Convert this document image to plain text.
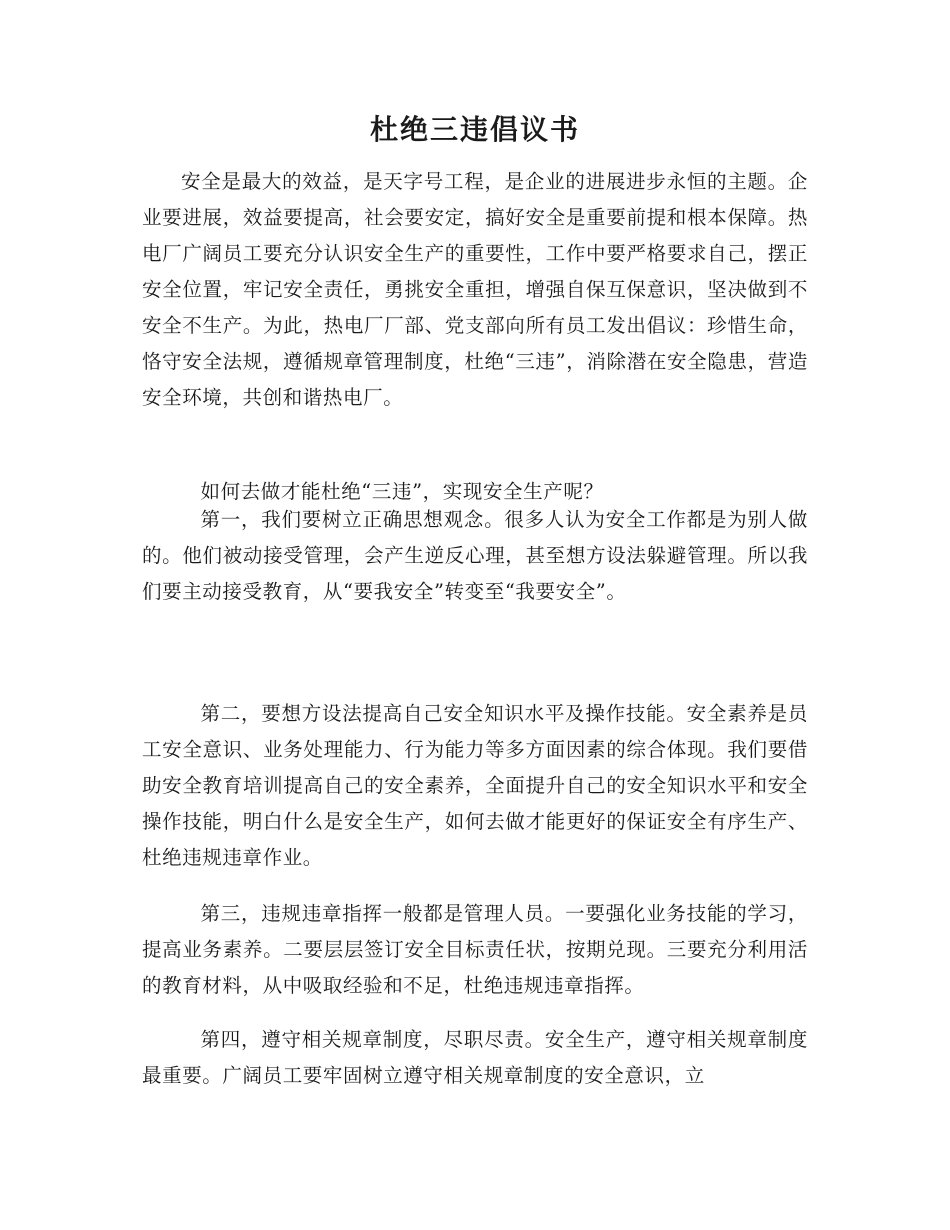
杜绝三违倡议书
安全是最大的效益，是天字号工程，是企业的进展进步永恒的主题。企业要进展，效益要提高，社会要安定，搞好安全是重要前提和根本保障。热电厂广阔员工要充分认识安全生产的重要性，工作中要严格要求自己，摆正安全位置，牢记安全责任，勇挑安全重担，增强自保互保意识，坚决做到不安全不生产。为此，热电厂厂部、党支部向所有员工发出倡议：珍惜生命，恪守安全法规，遵循规章管理制度，杜绝“三违”，消除潜在安全隐患，营造安全环境，共创和谐热电厂。
如何去做才能杜绝“三违”，实现安全生产呢？
第一，我们要树立正确思想观念。很多人认为安全工作都是为别人做的。他们被动接受管理，会产生逆反心理，甚至想方设法躲避管理。所以我们要主动接受教育，从“要我安全”转变至“我要安全”。
第二，要想方设法提高自己安全知识水平及操作技能。安全素养是员工安全意识、业务处理能力、行为能力等多方面因素的综合体现。我们要借助安全教育培训提高自己的安全素养，全面提升自己的安全知识水平和安全操作技能，明白什么是安全生产，如何去做才能更好的保证安全有序生产、杜绝违规违章作业。
第三，违规违章指挥一般都是管理人员。一要强化业务技能的学习，提高业务素养。二要层层签订安全目标责任状，按期兑现。三要充分利用活的教育材料，从中吸取经验和不足，杜绝违规违章指挥。
第四，遵守相关规章制度，尽职尽责。安全生产，遵守相关规章制度最重要。广阔员工要牢固树立遵守相关规章制度的安全意识，立
